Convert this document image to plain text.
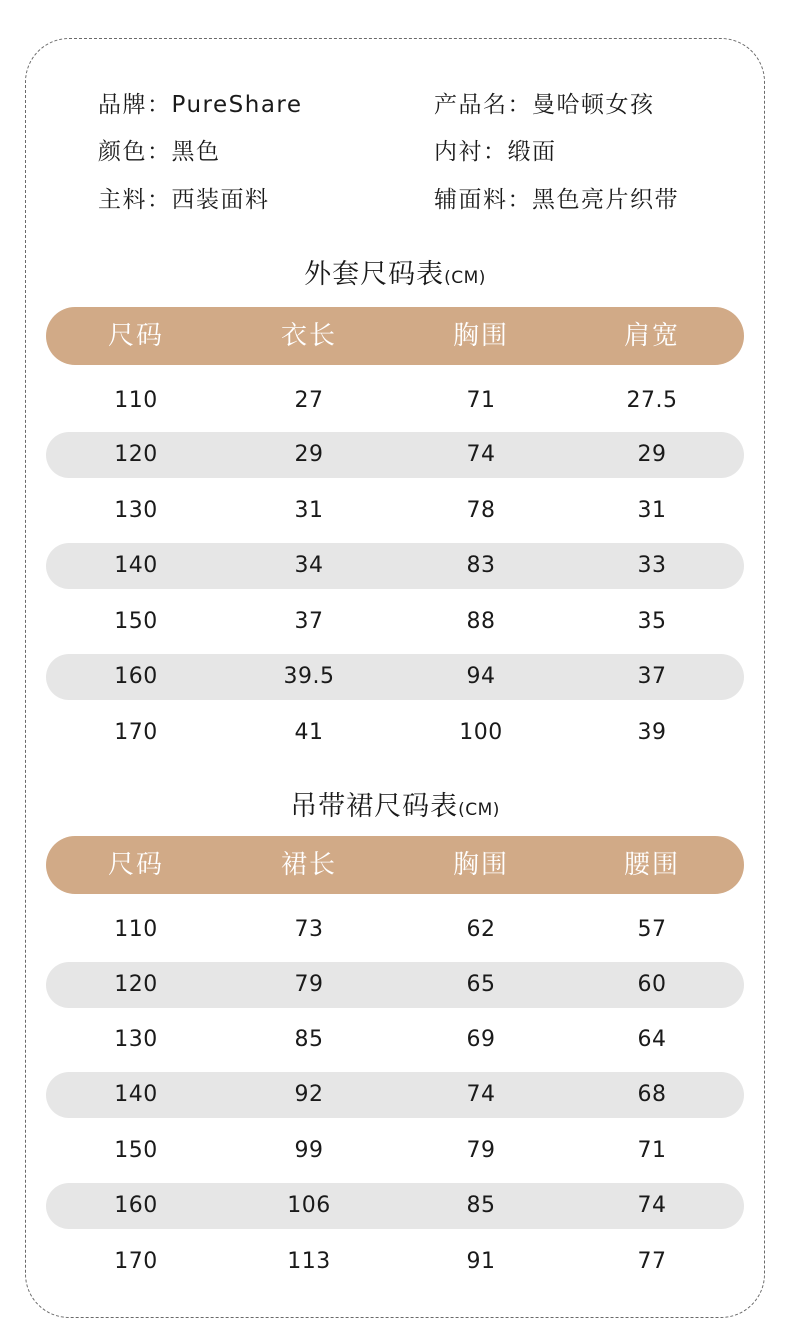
品牌：PureShare	产品名：曼哈顿女孩
颜色：黑色	内衬：缎面
主料：西装面料	辅面料：黑色亮片织带
外套尺码表(CM)
尺码	衣长	胸围	肩宽
110	27	71	27.5
120	29	74	29
130	31	78	31
140	34	83	33
150	37	88	35
160	39.5	94	37
170	41	100	39
吊带裙尺码表(CM)
尺码	裙长	胸围	腰围
110	73	62	57
120	79	65	60
130	85	69	64
140	92	74	68
150	99	79	71
160	106	85	74
170	113	91	77
